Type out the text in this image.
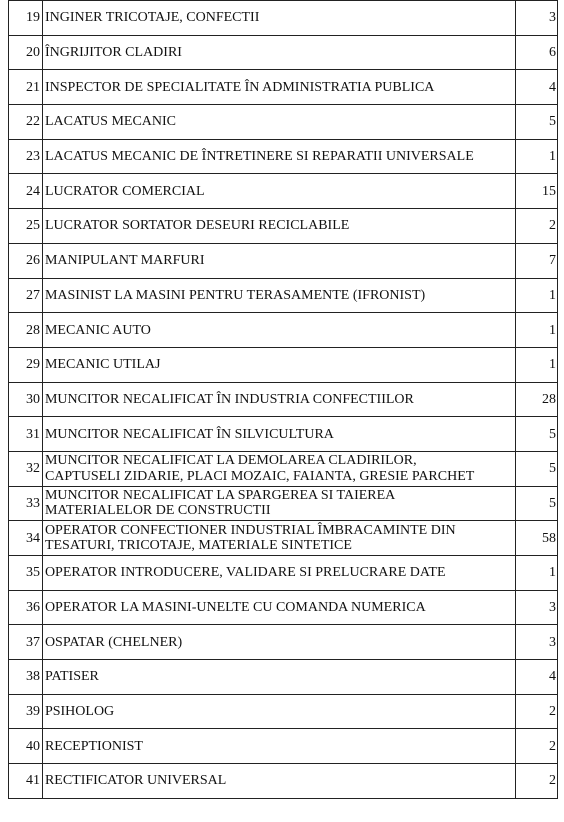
19 INGINER TRICOTAJE, CONFECTII	3
20 ÎNGRIJITOR CLADIRI	6
21 INSPECTOR DE SPECIALITATE ÎN ADMINISTRATIA PUBLICA	4
22 LACATUS MECANIC	5
23 LACATUS MECANIC DE ÎNTRETINERE SI REPARATII UNIVERSALE	1
24 LUCRATOR COMERCIAL	15
25 LUCRATOR SORTATOR DESEURI RECICLABILE	2
26 MANIPULANT MARFURI	7
27 MASINIST LA MASINI PENTRU TERASAMENTE (IFRONIST)	1
28 MECANIC AUTO	1
29 MECANIC UTILAJ	1
30 MUNCITOR NECALIFICAT ÎN INDUSTRIA CONFECTIILOR	28
31 MUNCITOR NECALIFICAT ÎN SILVICULTURA	5
32
MUNCITOR NECALIFICAT LA DEMOLAREA CLADIRILOR,
CAPTUSELI ZIDARIE, PLACI MOZAIC, FAIANTA, GRESIE PARCHET	5
33
MUNCITOR NECALIFICAT LA SPARGEREA SI TAIEREA
MATERIALELOR DE CONSTRUCTII	5
34
OPERATOR CONFECTIONER INDUSTRIAL ÎMBRACAMINTE DIN
TESATURI, TRICOTAJE, MATERIALE SINTETICE	58
35 OPERATOR INTRODUCERE, VALIDARE SI PRELUCRARE DATE	1
36 OPERATOR LA MASINI-UNELTE CU COMANDA NUMERICA	3
37 OSPATAR (CHELNER)	3
38 PATISER	4
39 PSIHOLOG	2
40 RECEPTIONIST	2
41 RECTIFICATOR UNIVERSAL	2
